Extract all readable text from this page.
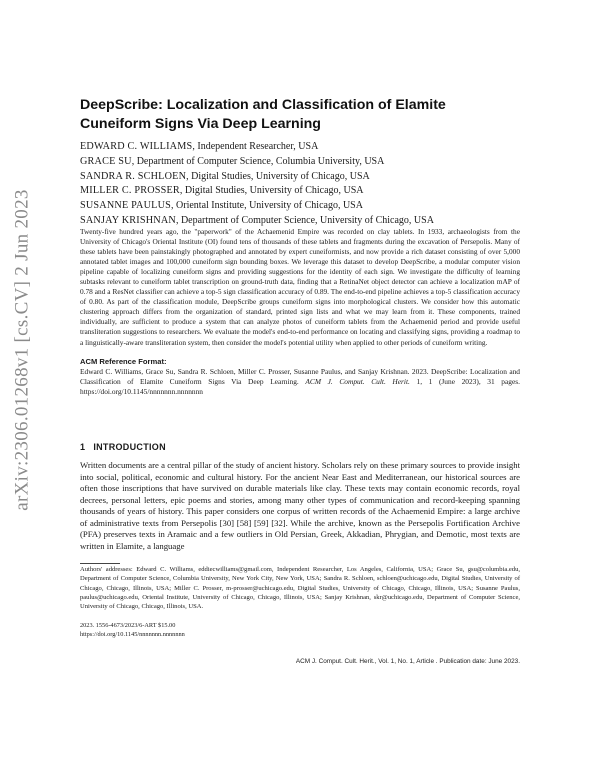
arXiv:2306.01268v1 [cs.CV] 2 Jun 2023
DeepScribe: Localization and Classification of Elamite Cuneiform Signs Via Deep Learning
EDWARD C. WILLIAMS, Independent Researcher, USA
GRACE SU, Department of Computer Science, Columbia University, USA
SANDRA R. SCHLOEN, Digital Studies, University of Chicago, USA
MILLER C. PROSSER, Digital Studies, University of Chicago, USA
SUSANNE PAULUS, Oriental Institute, University of Chicago, USA
SANJAY KRISHNAN, Department of Computer Science, University of Chicago, USA

Twenty-five hundred years ago, the "paperwork" of the Achaemenid Empire was recorded on clay tablets. In 1933, archaeologists from the University of Chicago's Oriental Institute (OI) found tens of thousands of these tablets and fragments during the excavation of Persepolis. Many of these tablets have been painstakingly photographed and annotated by expert cuneiformists, and now provide a rich dataset consisting of over 5,000 annotated tablet images and 100,000 cuneiform sign bounding boxes. We leverage this dataset to develop DeepScribe, a modular computer vision pipeline capable of localizing cuneiform signs and providing suggestions for the identity of each sign. We investigate the difficulty of learning subtasks relevant to cuneiform tablet transcription on ground-truth data, finding that a RetinaNet object detector can achieve a localization mAP of 0.78 and a ResNet classifier can achieve a top-5 sign classification accuracy of 0.89. The end-to-end pipeline achieves a top-5 classification accuracy of 0.80. As part of the classification module, DeepScribe groups cuneiform signs into morphological clusters. We consider how this automatic clustering approach differs from the organization of standard, printed sign lists and what we may learn from it. These components, trained individually, are sufficient to produce a system that can analyze photos of cuneiform tablets from the Achaemenid period and provide useful transliteration suggestions to researchers. We evaluate the model's end-to-end performance on locating and classifying signs, providing a roadmap to a linguistically-aware transliteration system, then consider the model's potential utility when applied to other periods of cuneiform writing.

ACM Reference Format:

Edward C. Williams, Grace Su, Sandra R. Schloen, Miller C. Prosser, Susanne Paulus, and Sanjay Krishnan. 2023. DeepScribe: Localization and Classification of Elamite Cuneiform Signs Via Deep Learning. ACM J. Comput. Cult. Herit. 1, 1 (June 2023), 31 pages. https://doi.org/10.1145/nnnnnnn.nnnnnnn

1 INTRODUCTION

Written documents are a central pillar of the study of ancient history. Scholars rely on these primary sources to provide insight into social, political, economic and cultural history. For the ancient Near East and Mediterranean, our historical sources are often those inscriptions that have survived on durable materials like clay. These texts may contain economic records, royal decrees, personal letters, epic poems and stories, among many other types of communication and record-keeping spanning thousands of years of history. This paper considers one corpus of written records of the Achaemenid Empire: a large archive of administrative texts from Persepolis [30] [58] [59] [32]. While the archive, known as the Persepolis Fortification Archive (PFA) preserves texts in Aramaic and a few outliers in Old Persian, Greek, Akkadian, Phrygian, and Demotic, most texts are written in Elamite, a language

Authors' addresses: Edward C. Williams, eddiecwilliams@gmail.com, Independent Researcher, Los Angeles, California, USA; Grace Su, gsu@columbia.edu, Department of Computer Science, Columbia University, New York City, New York, USA; Sandra R. Schloen, schloen@uchicago.edu, Digital Studies, University of Chicago, Chicago, Illinois, USA; Miller C. Prosser, m-prosser@uchicago.edu, Digital Studies, University of Chicago, Chicago, Illinois, USA; Susanne Paulus, paulus@uchicago.edu, Oriental Institute, University of Chicago, Chicago, Illinois, USA; Sanjay Krishnan, skr@uchicago.edu, Department of Computer Science, University of Chicago, Chicago, Illinois, USA.

2023. 1556-4673/2023/6-ART $15.00
https://doi.org/10.1145/nnnnnnn.nnnnnnn
ACM J. Comput. Cult. Herit., Vol. 1, No. 1, Article . Publication date: June 2023.
